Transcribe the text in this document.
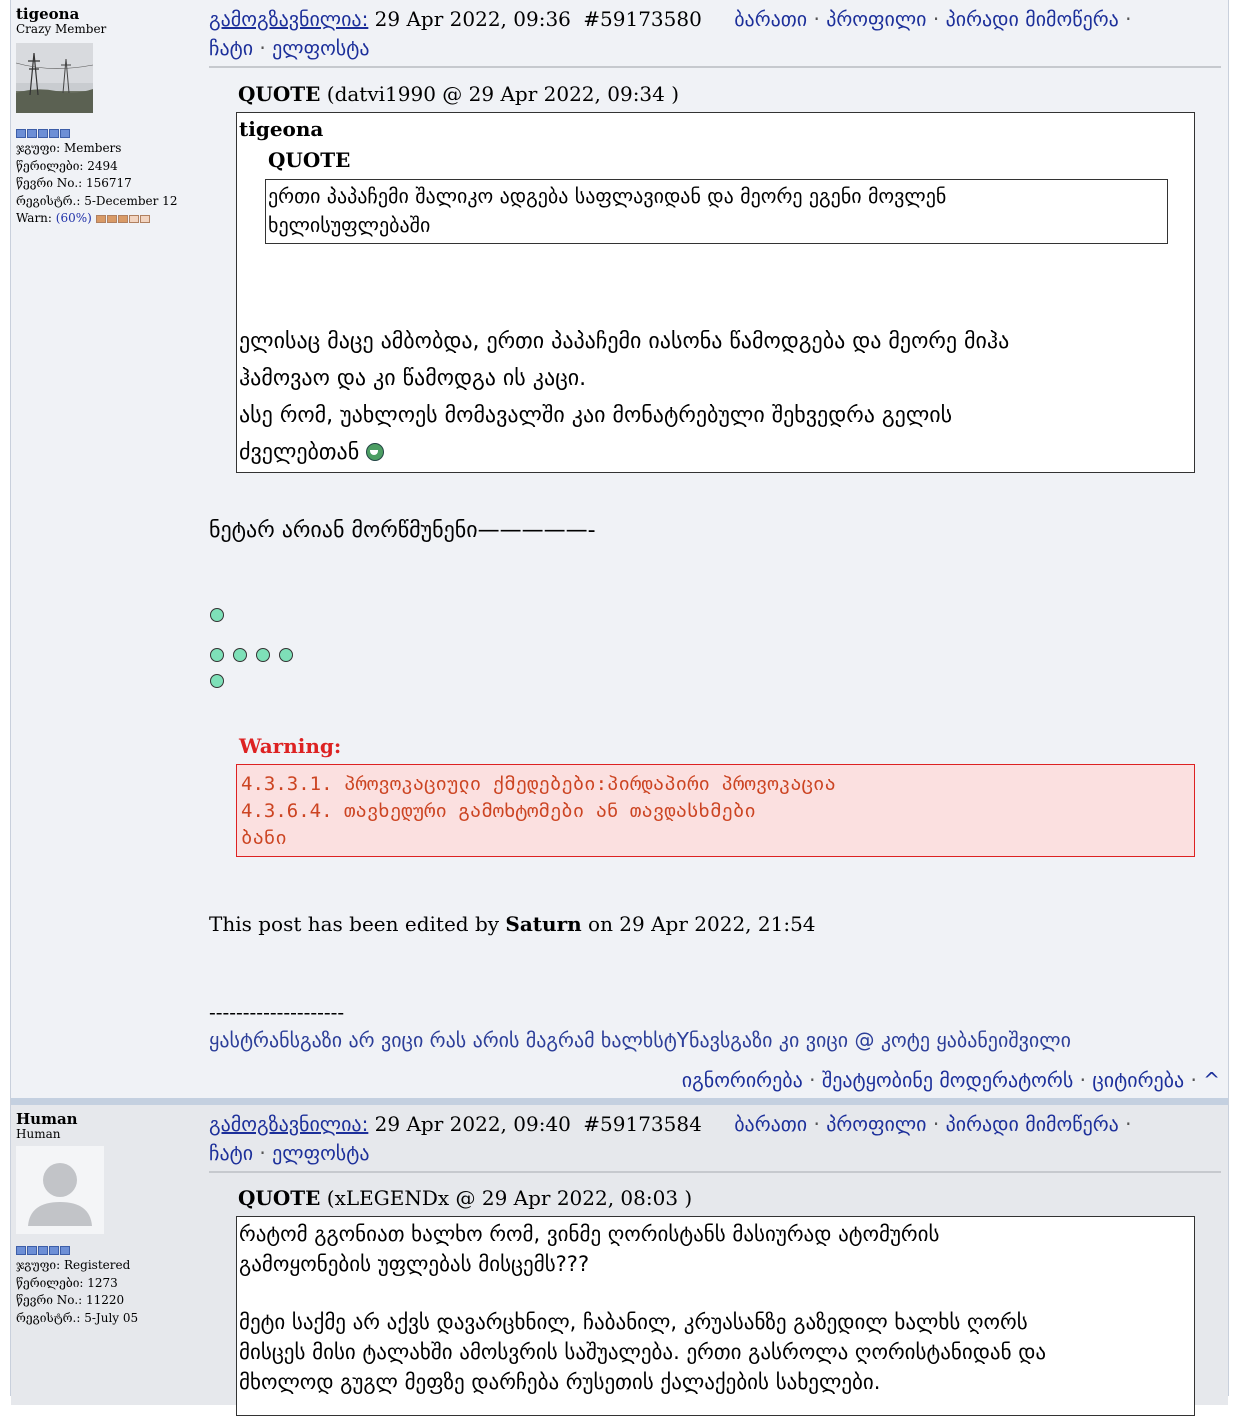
tigeona
Crazy Member
ჯგუფი: Members
წერილები: 2494
წევრი No.: 156717
რეგისტრ.: 5-December 12
Warn: (60%)
გამოგზავნილია: 29 Apr 2022, 09:36 #59173580 ბარათი · პროფილი · პირადი მიმოწერა ·
ჩატი · ელფოსტა
QUOTE (datvi1990 @ 29 Apr 2022, 09:34 )
tigeona
QUOTE
ერთი პაპაჩემი შალიკო ადგება საფლავიდან და მეორე ეგენი მოვლენ
ხელისუფლებაში
ელისაც მაცე ამბობდა, ერთი პაპაჩემი იასონა წამოდგება და მეორე მიჰა
ჰამოვაო და კი წამოდგა ის კაცი.
ასე რომ, უახლოეს მომავალში კაი მონატრებული შეხვედრა გელის
ძველებთან
ნეტარ არიან მორწმუნენი—————-
Warning:
4.3.3.1. პროვოკაციული ქმედებები:პირდაპირი პროვოკაცია
4.3.6.4. თავხედური გამოხტომები ან თავდასხმები
ბანი
This post has been edited by Saturn on 29 Apr 2022, 21:54
--------------------
ყასტრანსგაზი არ ვიცი რას არის მაგრამ ხალხსტYნავსგაზი კი ვიცი @ კოტე ყაბანეიშვილი
იგნორირება · შეატყობინე მოდერატორს · ციტირება · ^
Human
Human
ჯგუფი: Registered
წერილები: 1273
წევრი No.: 11220
რეგისტრ.: 5-July 05
გამოგზავნილია: 29 Apr 2022, 09:40 #59173584 ბარათი · პროფილი · პირადი მიმოწერა ·
ჩატი · ელფოსტა
QUOTE (xLEGENDx @ 29 Apr 2022, 08:03 )
რატომ გგონიათ ხალხო რომ, ვინმე ღორისტანს მასიურად ატომურის
გამოყონების უფლებას მისცემს???
მეტი საქმე არ აქვს დავარცხნილ, ჩაბანილ, კრუასანზე გაზედილ ხალხს ღორს
მისცეს მისი ტალახში ამოსვრის საშუალება. ერთი გასროლა ღორისტანიდან და
მხოლოდ გუგლ მეფზე დარჩება რუსეთის ქალაქების სახელები.
